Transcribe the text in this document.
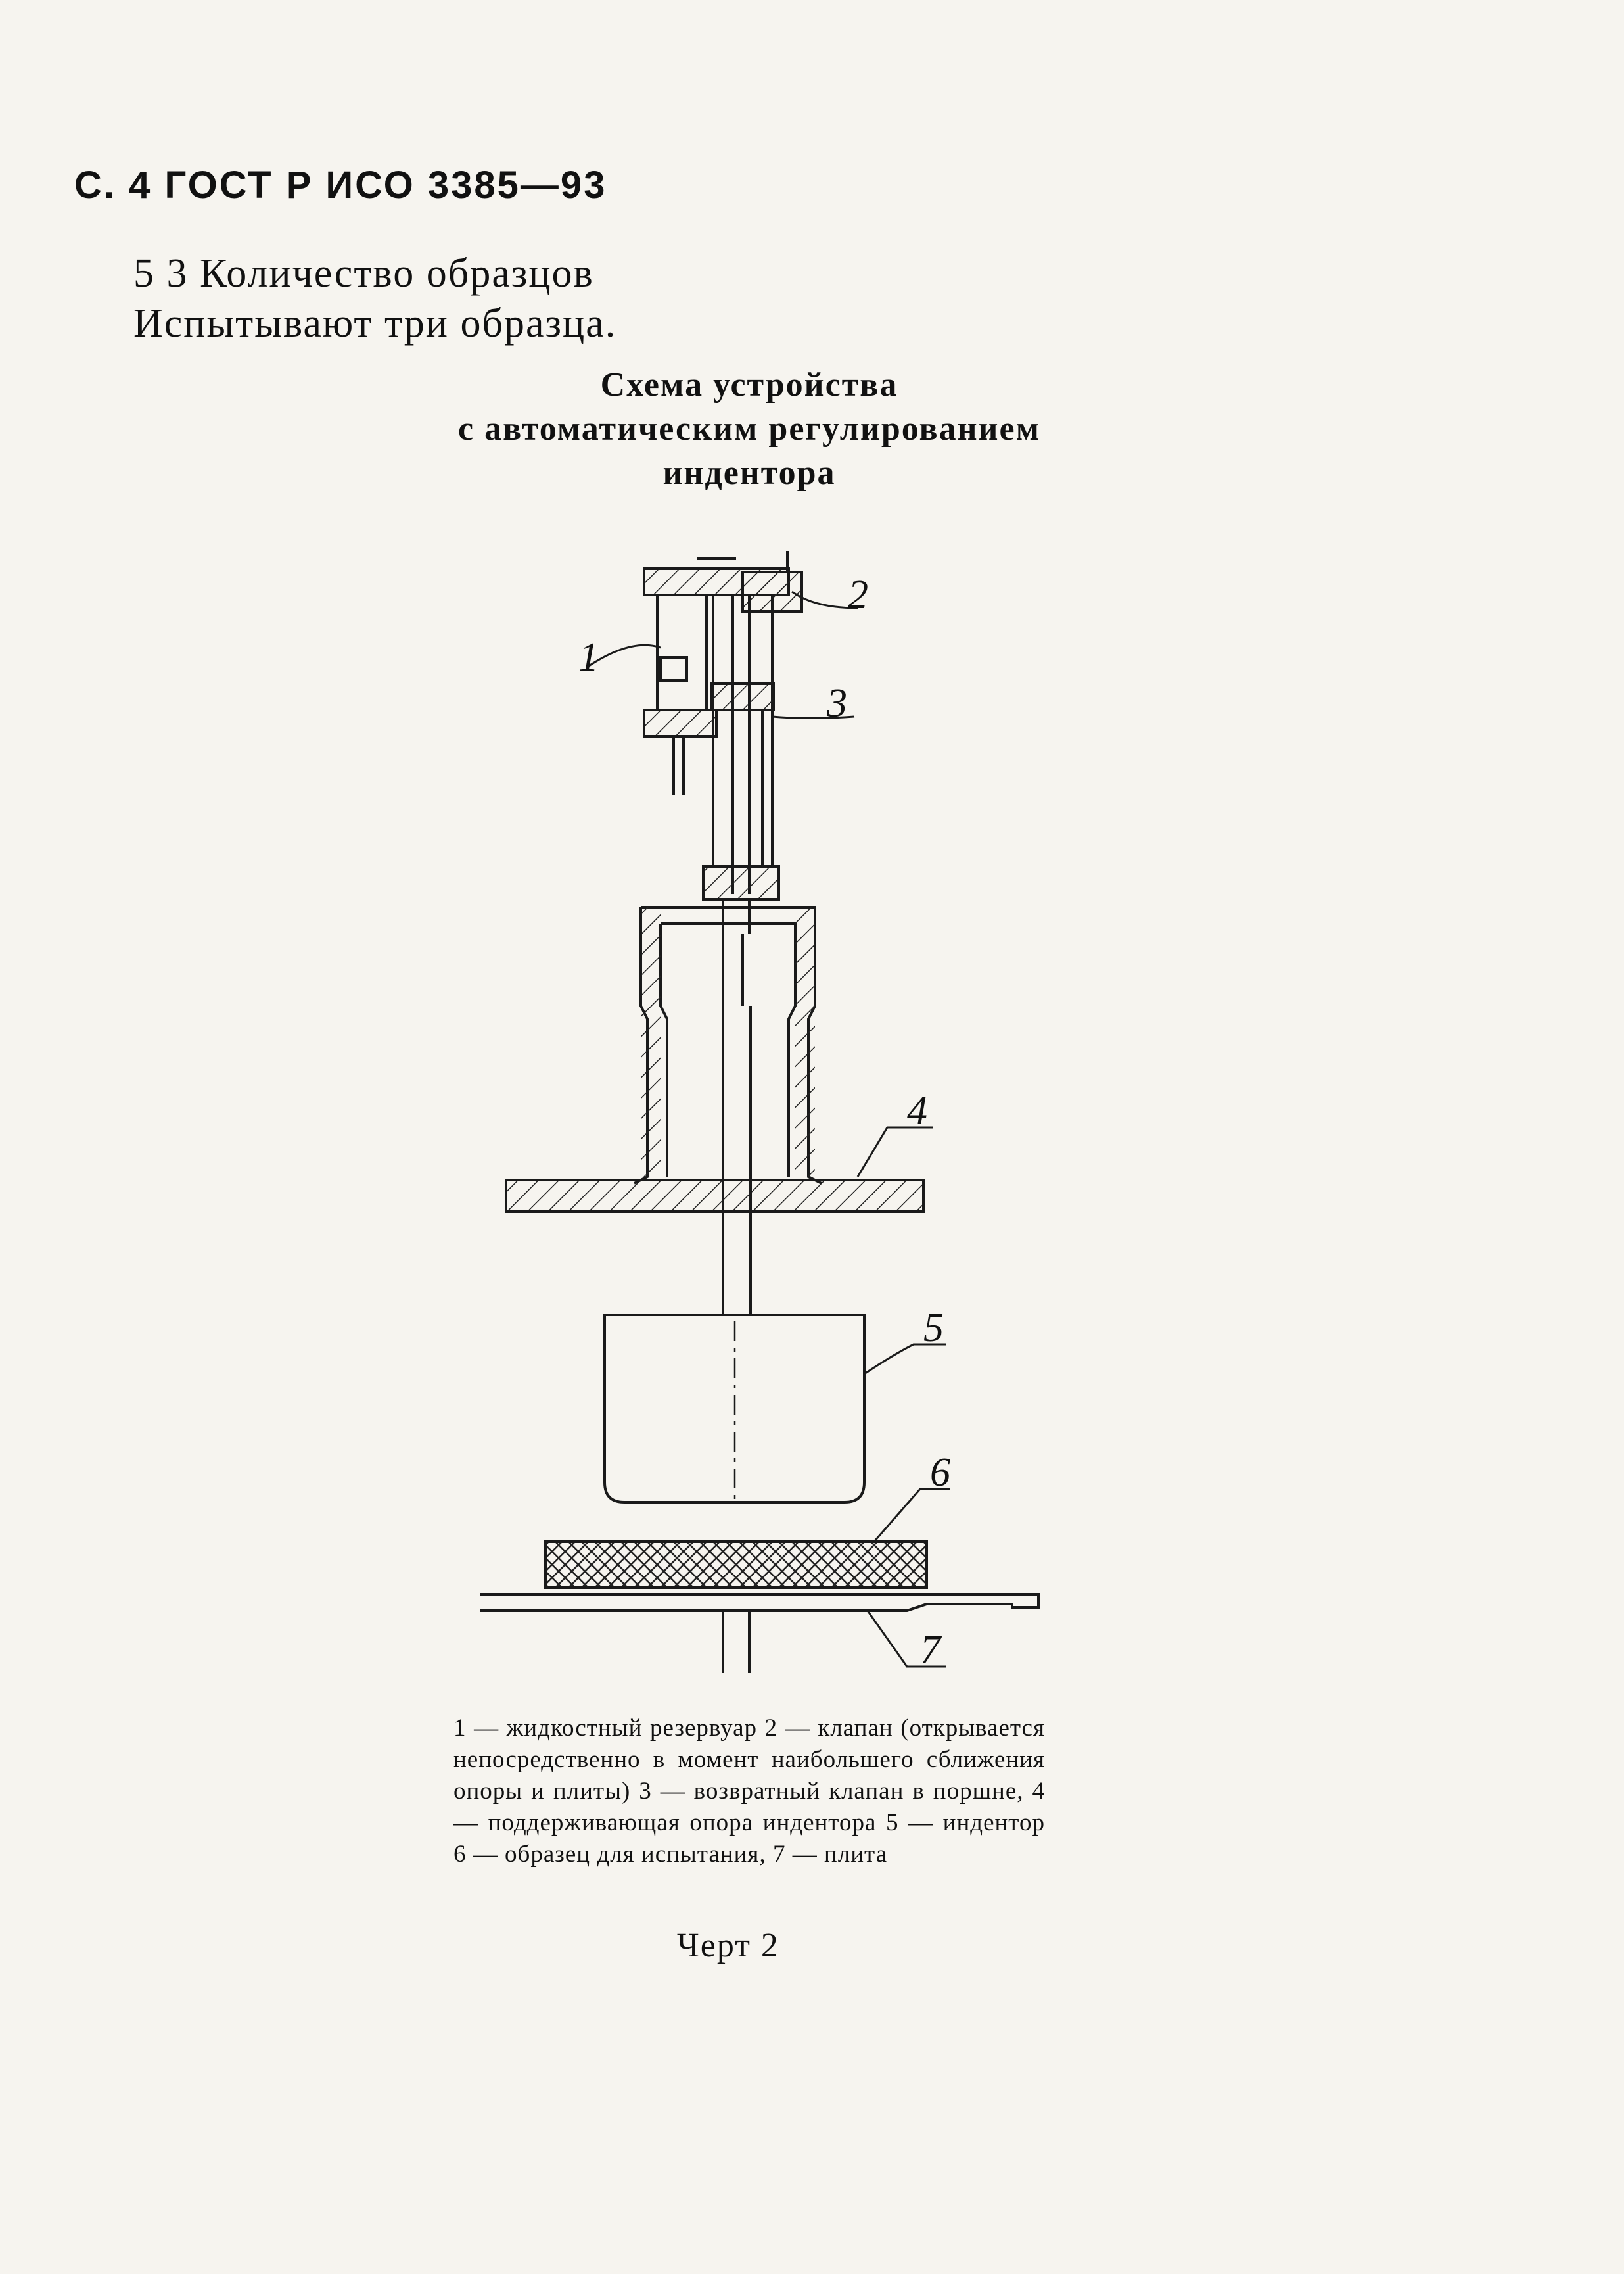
С. 4 ГОСТ Р ИСО 3385—93
5 3 Количество образцов
Испытывают три образца.
Схема устройства
с автоматическим регулированием
индентора
1
2
3
4
5
6
7
1 — жидкостный резервуар 2 — клапан (открывается непосредственно в момент наибольшего сближения опоры и плиты) 3 — возвратный клапан в поршне, 4 — поддерживающая опора индентора 5 — индентор 6 — образец для испытания, 7 — плита
Черт 2
